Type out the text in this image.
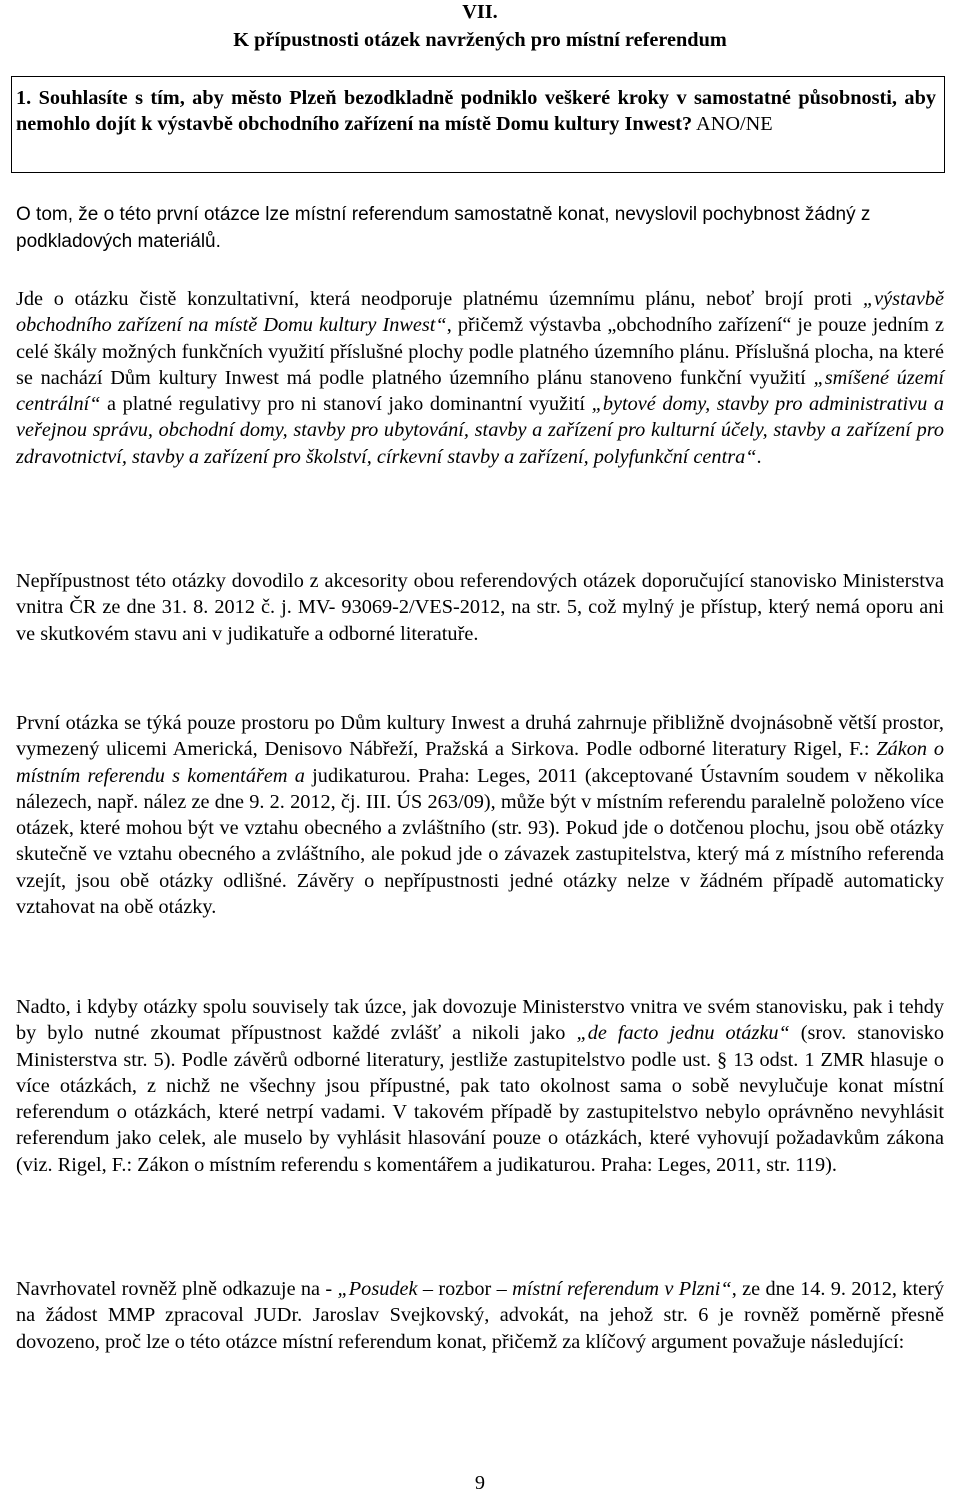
VII.
K přípustnosti otázek navržených pro místní referendum
1. Souhlasíte s tím, aby město Plzeň bezodkladně podniklo veškeré kroky v samostatné působnosti, aby nemohlo dojít k výstavbě obchodního zařízení na místě Domu kultury Inwest? ANO/NE
O tom, že o této první otázce lze místní referendum samostatně konat, nevyslovil pochybnost žádný z podkladových materiálů.
Jde o otázku čistě konzultativní, která neodporuje platnému územnímu plánu, neboť brojí proti „výstavbě obchodního zařízení na místě Domu kultury Inwest“, přičemž výstavba „obchodního zařízení“ je pouze jedním z celé škály možných funkčních využití příslušné plochy podle platného územního plánu. Příslušná plocha, na které se nachází Dům kultury Inwest má podle platného územního plánu stanoveno funkční využití „smíšené území centrální“ a platné regulativy pro ni stanoví jako dominantní využití „bytové domy, stavby pro administrativu a veřejnou správu, obchodní domy, stavby pro ubytování, stavby a zařízení pro kulturní účely, stavby a zařízení pro zdravotnictví, stavby a zařízení pro školství, církevní stavby a zařízení, polyfunkční centra“.
Nepřípustnost této otázky dovodilo z akcesority obou referendových otázek doporučující stanovisko Ministerstva vnitra ČR ze dne 31. 8. 2012 č. j. MV- 93069-2/VES-2012, na str. 5, což mylný je přístup, který nemá oporu ani ve skutkovém stavu ani v judikatuře a odborné literatuře.
První otázka se týká pouze prostoru po Dům kultury Inwest a druhá zahrnuje přibližně dvojnásobně větší prostor, vymezený ulicemi Americká, Denisovo Nábřeží, Pražská a Sirkova. Podle odborné literatury Rigel, F.: Zákon o místním referendu s komentářem a judikaturou. Praha: Leges, 2011 (akceptované Ústavním soudem v několika nálezech, např. nález ze dne 9. 2. 2012, čj. III. ÚS 263/09), může být v místním referendu paralelně položeno více otázek, které mohou být ve vztahu obecného a zvláštního (str. 93). Pokud jde o dotčenou plochu, jsou obě otázky skutečně ve vztahu obecného a zvláštního, ale pokud jde o závazek zastupitelstva, který má z místního referenda vzejít, jsou obě otázky odlišné. Závěry o nepřípustnosti jedné otázky nelze v žádném případě automaticky vztahovat na obě otázky.
Nadto, i kdyby otázky spolu souvisely tak úzce, jak dovozuje Ministerstvo vnitra ve svém stanovisku, pak i tehdy by bylo nutné zkoumat přípustnost každé zvlášť a nikoli jako „de facto jednu otázku“ (srov. stanovisko Ministerstva str. 5). Podle závěrů odborné literatury, jestliže zastupitelstvo podle ust. § 13 odst. 1 ZMR hlasuje o více otázkách, z nichž ne všechny jsou přípustné, pak tato okolnost sama o sobě nevylučuje konat místní referendum o otázkách, které netrpí vadami. V takovém případě by zastupitelstvo nebylo oprávněno nevyhlásit referendum jako celek, ale muselo by vyhlásit hlasování pouze o otázkách, které vyhovují požadavkům zákona (viz. Rigel, F.: Zákon o místním referendu s komentářem a judikaturou. Praha: Leges, 2011, str. 119).
Navrhovatel rovněž plně odkazuje na - „Posudek – rozbor – místní referendum v Plzni“, ze dne 14. 9. 2012, který na žádost MMP zpracoval JUDr. Jaroslav Svejkovský, advokát, na jehož str. 6 je rovněž poměrně přesně dovozeno, proč lze o této otázce místní referendum konat, přičemž za klíčový argument považuje následující:
9
